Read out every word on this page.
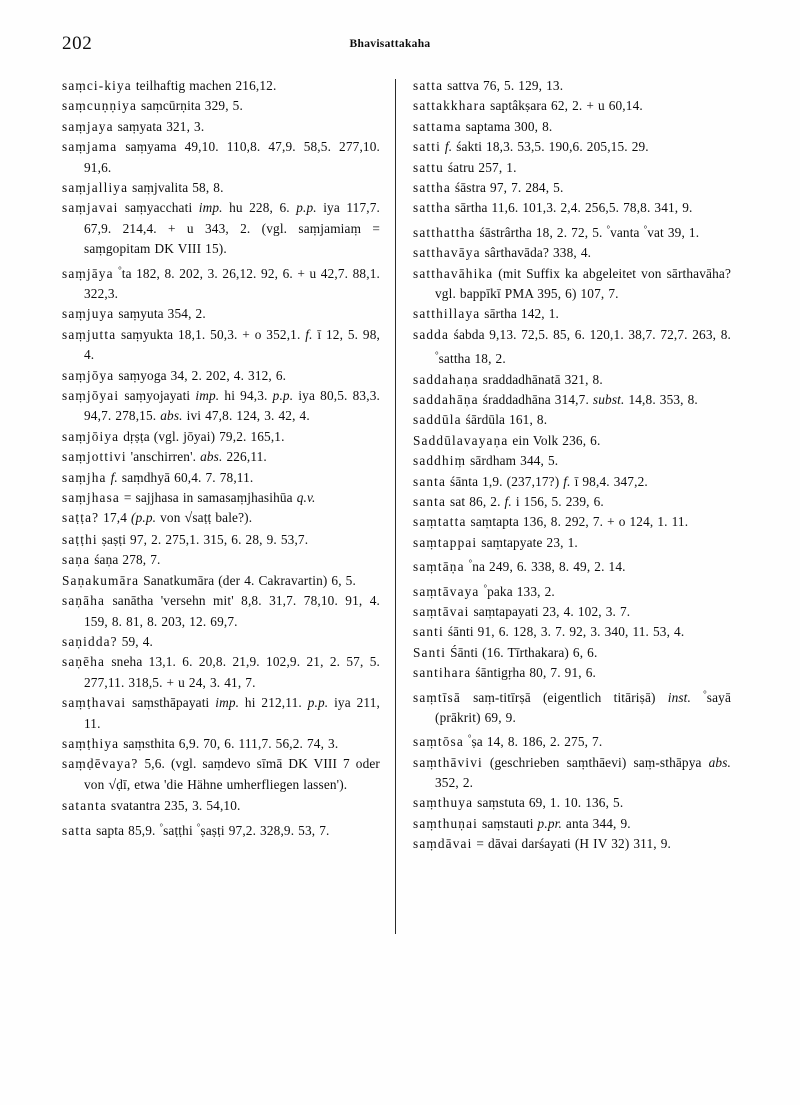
202	Bhavisattakaha

saṃci-kiya teilhaftig machen 216,12.

saṃcuṇṇiya saṃcūrṇita 329, 5.

saṃjaya saṃyata 321, 3.

saṃjama saṃyama 49,10. 110,8. 47,9. 58,5. 277,10. 91,6.

saṃjalliya saṃjvalita 58, 8.

saṃjavai saṃyacchati imp. hu 228, 6. p.p. iya 117,7. 67,9. 214,4. + u 343, 2. (vgl. saṃjamiaṃ = saṃgopitam DK VIII 15).

saṃjāya °ta 182, 8. 202, 3. 26,12. 92, 6. + u 42,7. 88,1. 322,3.

saṃjuya saṃyuta 354, 2.

saṃjutta saṃyukta 18,1. 50,3. + o 352,1. f. ī 12, 5. 98, 4.

saṃjōya saṃyoga 34, 2. 202, 4. 312, 6.

saṃjōyai saṃyojayati imp. hi 94,3. p.p. iya 80,5. 83,3. 94,7. 278,15. abs. ivi 47,8. 124, 3. 42, 4.

saṃjōiya dṛṣṭa (vgl. jōyai) 79,2. 165,1.

saṃjottivi 'anschirren'. abs. 226,11.

saṃjha f. saṃdhyā 60,4. 7. 78,11.

saṃjhasa = sajjhasa in samasaṃjhasihūa q.v.

saṭṭa? 17,4 (p.p. von √saṭṭ bale?).

saṭṭhi ṣaṣṭi 97, 2. 275,1. 315, 6. 28, 9. 53,7.

saṇa śaṇa 278, 7.

Saṇakumāra Sanatkumāra (der 4. Cakravartin) 6, 5.

saṇāha sanātha 'versehn mit' 8,8. 31,7. 78,10. 91, 4. 159, 8. 81, 8. 203, 12. 69,7.

saṇidda? 59, 4.

saṇēha sneha 13,1. 6. 20,8. 21,9. 102,9. 21, 2. 57, 5. 277,11. 318,5. + u 24, 3. 41, 7.

saṃṭhavai saṃsthāpayati imp. hi 212,11. p.p. iya 211, 11.

saṃṭhiya saṃsthita 6,9. 70, 6. 111,7. 56,2. 74, 3.

saṃḍēvaya? 5,6. (vgl. saṃdevo sīmā DK VIII 7 oder von √ḍī, etwa 'die Hähne umherfliegen lassen').

satanta svatantra 235, 3. 54,10.

satta sapta 85,9. °saṭṭhi °ṣaṣṭi 97,2. 328,9. 53, 7.

satta sattva 76, 5. 129, 13.

sattakkhara saptâkṣara 62, 2. + u 60,14.

sattama saptama 300, 8.

satti f. śakti 18,3. 53,5. 190,6. 205,15. 29.

sattu śatru 257, 1.

sattha śāstra 97, 7. 284, 5.

sattha sārtha 11,6. 101,3. 2,4. 256,5. 78,8. 341, 9.

satthattha śāstrârtha 18, 2. 72, 5. °vanta °vat 39, 1.

satthavāya sârthavāda? 338, 4.

satthavāhika (mit Suffix ka abgeleitet von sārthavāha? vgl. bappīkī PMA 395, 6) 107, 7.

satthillaya sārtha 142, 1.

sadda śabda 9,13. 72,5. 85, 6. 120,1. 38,7. 72,7. 263, 8. °sattha 18, 2.

saddahaṇa sraddadhānatā 321, 8.

saddahāṇa śraddadhāna 314,7. subst. 14,8. 353, 8.

saddūla śārdūla 161, 8.

Saddūlavayaṇa ein Volk 236, 6.

saddhiṃ sārdham 344, 5.

santa śānta 1,9. (237,17?) f. ī 98,4. 347,2.

santa sat 86, 2. f. i 156, 5. 239, 6.

saṃtatta saṃtapta 136, 8. 292, 7. + o 124, 1. 11.

saṃtappai saṃtapyate 23, 1.

saṃtāṇa °na 249, 6. 338, 8. 49, 2. 14.

saṃtāvaya °paka 133, 2.

saṃtāvai saṃtapayati 23, 4. 102, 3. 7.

santi śānti 91, 6. 128, 3. 7. 92, 3. 340, 11. 53, 4.

Santi Śānti (16. Tīrthakara) 6, 6.

santihara śāntigṛha 80, 7. 91, 6.

saṃtīsā saṃ-titīrṣā (eigentlich titāriṣā) inst. °sayā (prākrit) 69, 9.

saṃtōsa °ṣa 14, 8. 186, 2. 275, 7.

saṃthāvivi (geschrieben saṃthāevi) saṃ-sthāpya abs. 352, 2.

saṃthuya saṃstuta 69, 1. 10. 136, 5.

saṃthuṇai saṃstauti p.pr. anta 344, 9.

saṃdāvai = dāvai darśayati (H IV 32) 311, 9.
